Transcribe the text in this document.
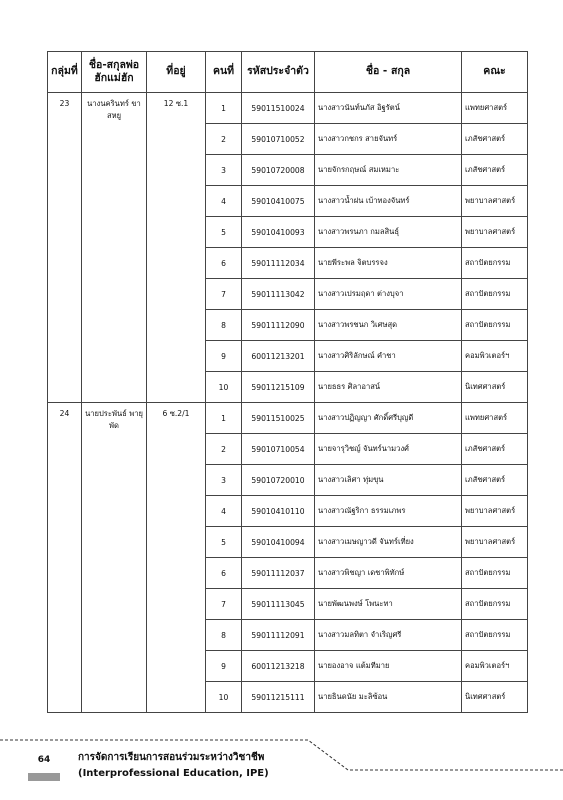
กลุ่มที่	ชื่อ-สกุลพ่อฮักแม่ฮัก	ที่อยู่	คนที่	รหัสประจำตัว	ชื่อ - สกุล	คณะ
23	นางนครินทร์ ขาสหยู	12 ซ.1	1	59011510024	นางสาวนันท์นภัส อิฐรัตน์	แพทยศาสตร์
			2	59010710052	นางสาวกชกร สายจันทร์	เภสัชศาสตร์
			3	59010720008	นายจักรกฤษณ์ สมเหมาะ	เภสัชศาสตร์
			4	59010410075	นางสาวน้ำฝน เบ้าทองจันทร์	พยาบาลศาสตร์
			5	59010410093	นางสาวพรนภา กมลสินธุ์	พยาบาลศาสตร์
			6	59011112034	นายพีระพล จิตบรรจง	สถาปัตยกรรม
			7	59011113042	นางสาวเปรมฤดา ต่างบุจา	สถาปัตยกรรม
			8	59011112090	นางสาวพรชนก วิเศษสุด	สถาปัตยกรรม
			9	60011213201	นางสาวศิริลักษณ์ คำชา	คอมพิวเตอร์ฯ
			10	59011215109	นายธธร ศิลาอาสน์	นิเทศศาสตร์
24	นายประพันธ์ พายุพัด	6 ซ.2/1	1	59011510025	นางสาวปฏิญญา ศักดิ์ศรีบุญดี	แพทยศาสตร์
			2	59010710054	นายจารุวิชญ์ จันทร์นามวงศ์	เภสัชศาสตร์
			3	59010720010	นางสาวเลิศา ทุ่มขุน	เภสัชศาสตร์
			4	59010410110	นางสาวณัฐริกา ธรรมเภพร	พยาบาลศาสตร์
			5	59010410094	นางสาวเมษญาวดี จันทร์เที่ยง	พยาบาลศาสตร์
			6	59011112037	นางสาวพิชญา เดชาพิทักษ์	สถาปัตยกรรม
			7	59011113045	นายพัฒนพงษ์ โพนะทา	สถาปัตยกรรม
			8	59011112091	นางสาวมลทิตา จำเริญศรี	สถาปัตยกรรม
			9	60011213218	นายองอาจ แต้มทีมาย	คอมพิวเตอร์ฯ
			10	59011215111	นายธินดนัย มะลิซ้อน	นิเทศศาสตร์
64	การจัดการเรียนการสอนร่วมระหว่างวิชาชีพ
(Interprofessional Education, IPE)
